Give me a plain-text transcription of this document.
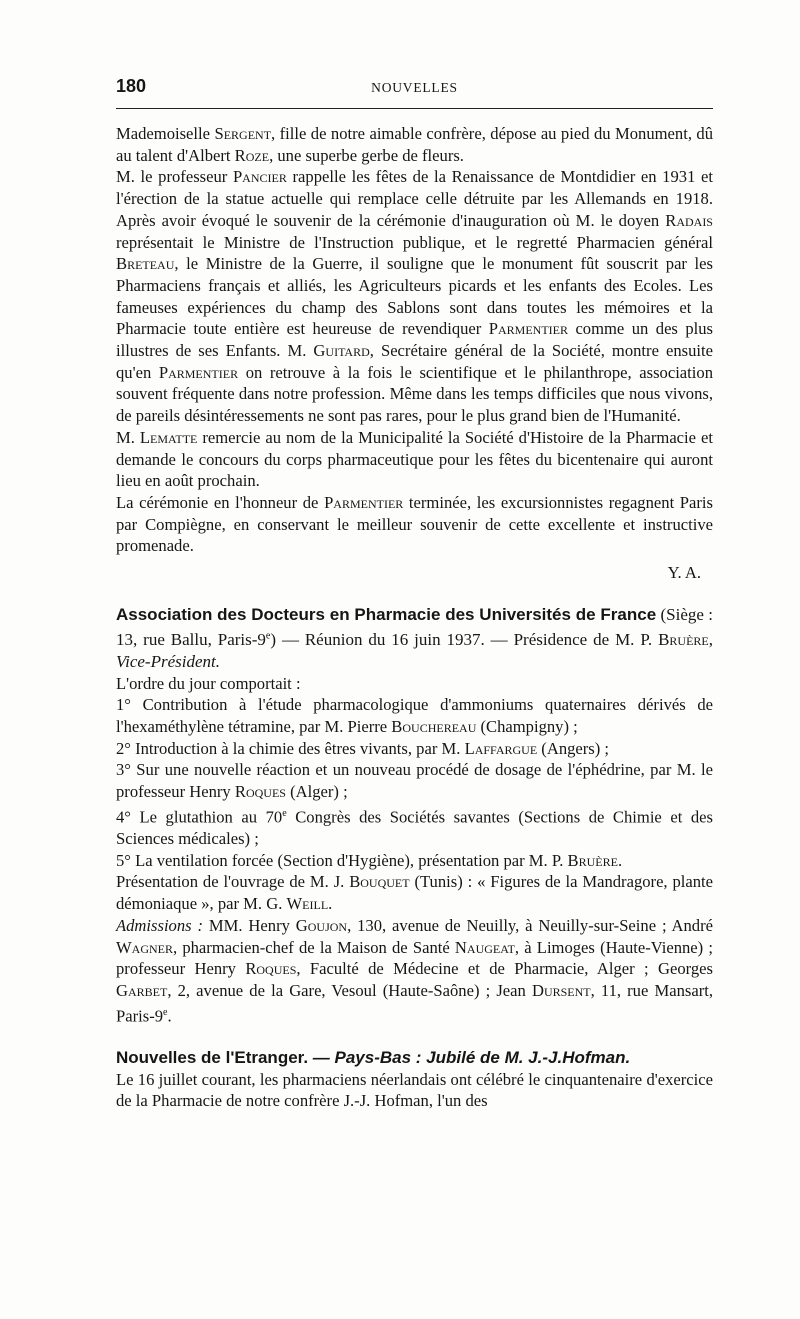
180	NOUVELLES

Mademoiselle Sergent, fille de notre aimable confrère, dépose au pied du Monument, dû au talent d'Albert Roze, une superbe gerbe de fleurs.

M. le professeur Pancier rappelle les fêtes de la Renaissance de Montdidier en 1931 et l'érection de la statue actuelle qui remplace celle détruite par les Allemands en 1918. Après avoir évoqué le souvenir de la cérémonie d'inauguration où M. le doyen Radais représentait le Ministre de l'Instruction publique, et le regretté Pharmacien général Breteau, le Ministre de la Guerre, il souligne que le monument fût souscrit par les Pharmaciens français et alliés, les Agriculteurs picards et les enfants des Ecoles. Les fameuses expériences du champ des Sablons sont dans toutes les mémoires et la Pharmacie toute entière est heureuse de revendiquer Parmentier comme un des plus illustres de ses Enfants. M. Guitard, Secrétaire général de la Société, montre ensuite qu'en Parmentier on retrouve à la fois le scientifique et le philanthrope, association souvent fréquente dans notre profession. Même dans les temps difficiles que nous vivons, de pareils désintéressements ne sont pas rares, pour le plus grand bien de l'Humanité.

M. Lematte remercie au nom de la Municipalité la Société d'Histoire de la Pharmacie et demande le concours du corps pharmaceutique pour les fêtes du bicentenaire qui auront lieu en août prochain.

La cérémonie en l'honneur de Parmentier terminée, les excursionnistes regagnent Paris par Compiègne, en conservant le meilleur souvenir de cette excellente et instructive promenade.

Y. A.

Association des Docteurs en Pharmacie des Universités de France (Siège : 13, rue Ballu, Paris-9e) — Réunion du 16 juin 1937. — Présidence de M. P. Bruère, Vice-Président.

L'ordre du jour comportait :

1° Contribution à l'étude pharmacologique d'ammoniums quaternaires dérivés de l'hexaméthylène tétramine, par M. Pierre Bouchereau (Champigny) ;

2° Introduction à la chimie des êtres vivants, par M. Laffargue (Angers) ;

3° Sur une nouvelle réaction et un nouveau procédé de dosage de l'éphédrine, par M. le professeur Henry Roques (Alger) ;

4° Le glutathion au 70e Congrès des Sociétés savantes (Sections de Chimie et des Sciences médicales) ;

5° La ventilation forcée (Section d'Hygiène), présentation par M. P. Bruère.

Présentation de l'ouvrage de M. J. Bouquet (Tunis) : « Figures de la Mandragore, plante démoniaque », par M. G. Weill.

Admissions : MM. Henry Goujon, 130, avenue de Neuilly, à Neuilly-sur-Seine ; André Wagner, pharmacien-chef de la Maison de Santé Naugeat, à Limoges (Haute-Vienne) ; professeur Henry Roques, Faculté de Médecine et de Pharmacie, Alger ; Georges Garbet, 2, avenue de la Gare, Vesoul (Haute-Saône) ; Jean Dursent, 11, rue Mansart, Paris-9e.

Nouvelles de l'Etranger. — Pays-Bas : Jubilé de M. J.-J.Hofman.

Le 16 juillet courant, les pharmaciens néerlandais ont célébré le cinquantenaire d'exercice de la Pharmacie de notre confrère J.-J. Hofman, l'un des
